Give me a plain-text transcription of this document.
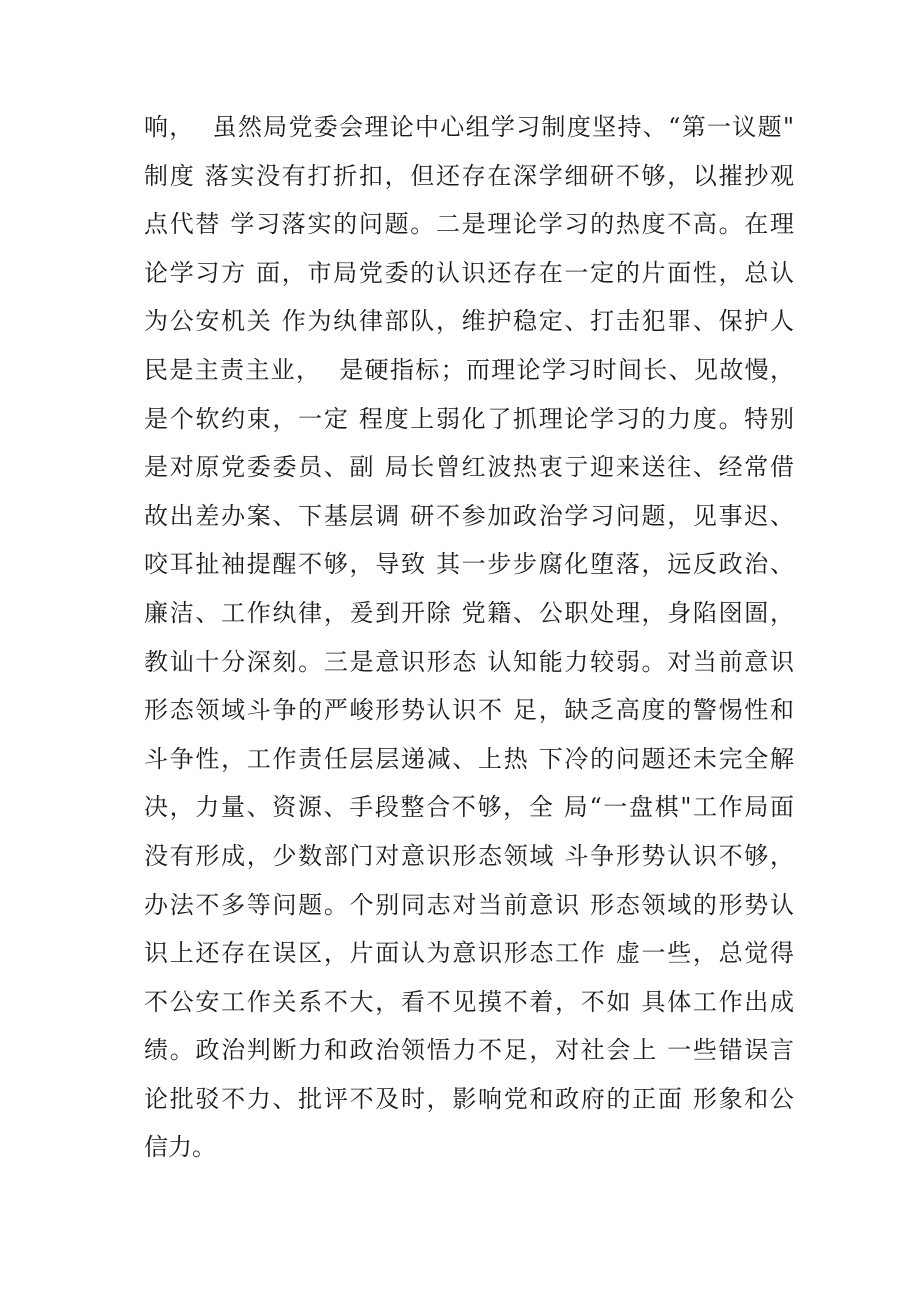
响，  虽然局党委会理论中心组学习制度坚持、“第一议题"
制度 落实没有打折扣，但还存在深学细研不够，以摧抄观
点代替 学习落实的问题。二是理论学习的热度不高。在理
论学习方 面，市局党委的认识还存在一定的片面性，总认
为公安机关 作为纨律部队，维护稳定、打击犯罪、保护人
民是主责主业，  是硬指标；而理论学习时间长、见故慢，
是个软约束，一定 程度上弱化了抓理论学习的力度。特别
是对原党委委员、副 局长曾红波热衷亍迎来送往、经常借
故出差办案、下基层调 研不参加政治学习问题，见事迟、
咬耳扯袖提醒不够，导致 其一步步腐化堕落，远反政治、
廉洁、工作纨律，爰到开除 党籍、公职处理，身陷囹圄，
教讪十分深刻。三是意识形态 认知能力较弱。对当前意识
形态领域斗争的严峻形势认识不 足，缺乏高度的警惕性和
斗争性，工作责任层层递减、上热 下冷的问题还未完全解
决，力量、资源、手段整合不够，全 局“一盘棋"工作局面
没有形成，少数部门对意识形态领域 斗争形势认识不够，
办法不多等问题。个别同志对当前意识 形态领域的形势认
识上还存在误区，片面认为意识形态工作 虚一些，总觉得
不公安工作关系不大，看不见摸不着，不如 具体工作出成
绩。政治判断力和政治领悟力不足，对社会上 一些错误言
论批驳不力、批评不及时，影响党和政府的正面 形象和公
信力。
